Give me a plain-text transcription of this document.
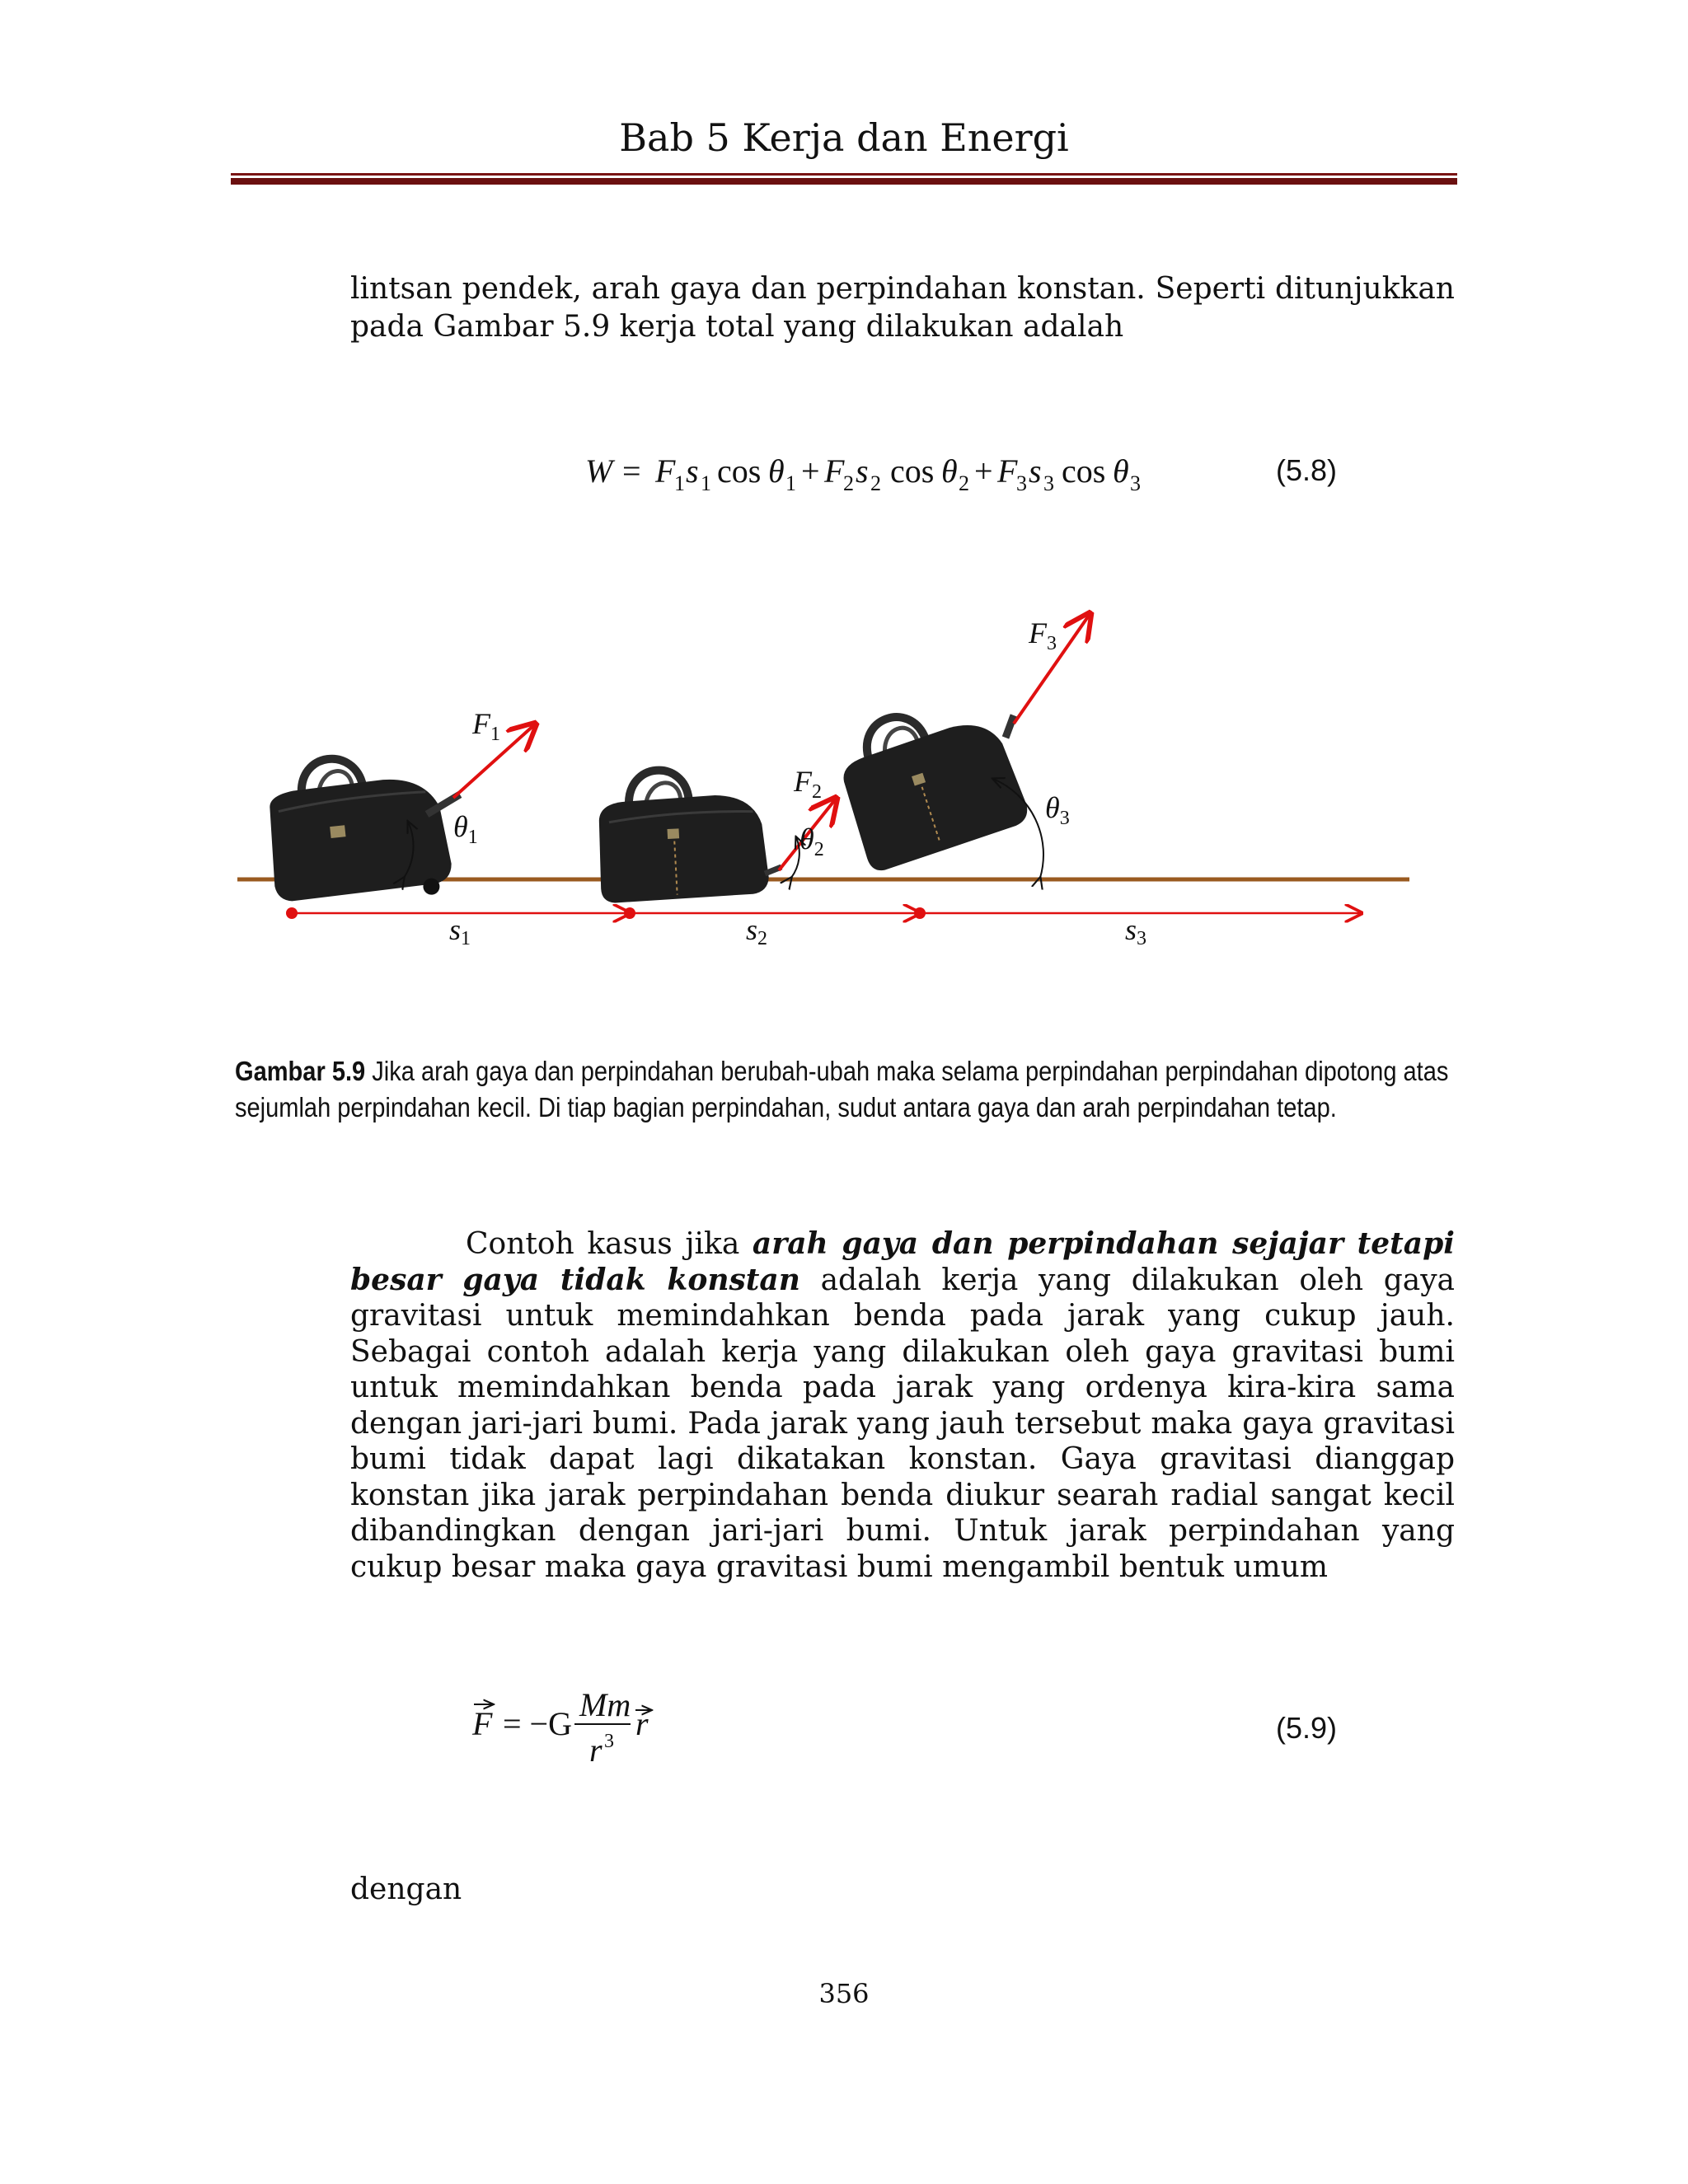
Bab 5 Kerja dan Energi
lintsan pendek, arah gaya dan perpindahan konstan. Seperti ditunjukkan pada Gambar 5.9 kerja total yang dilakukan adalah
W = F
1 s 1 cos θ 1 + F
2 s 2 cos θ 2 + F
3 s 3 cos θ 3	(5.8)
$F_1$
$F_2$
$F_3$
$\theta_1$	$\theta_2$
$\theta_3$
s1	s2	s3
Gambar 5.9 Jika arah gaya dan perpindahan berubah-ubah maka selama perpindahan perpindahan dipotong atas sejumlah perpindahan kecil. Di tiap bagian perpindahan, sudut antara gaya dan arah perpindahan tetap.
Contoh kasus jika arah gaya dan perpindahan sejajar tetapi besar gaya tidak konstan adalah kerja yang dilakukan oleh gaya gravitasi untuk memindahkan benda pada jarak yang cukup jauh. Sebagai contoh adalah kerja yang dilakukan oleh gaya gravitasi bumi untuk memindahkan benda pada jarak yang ordenya kira-kira sama dengan jari-jari bumi. Pada jarak yang jauh tersebut maka gaya gravitasi bumi tidak dapat lagi dikatakan konstan. Gaya gravitasi dianggap konstan jika jarak perpindahan benda diukur searah radial sangat kecil dibandingkan dengan jari-jari bumi. Untuk jarak perpindahan yang cukup besar maka gaya gravitasi bumi mengambil bentuk umum
F = −G
Mm
r 3 r	(5.9)
dengan
356
